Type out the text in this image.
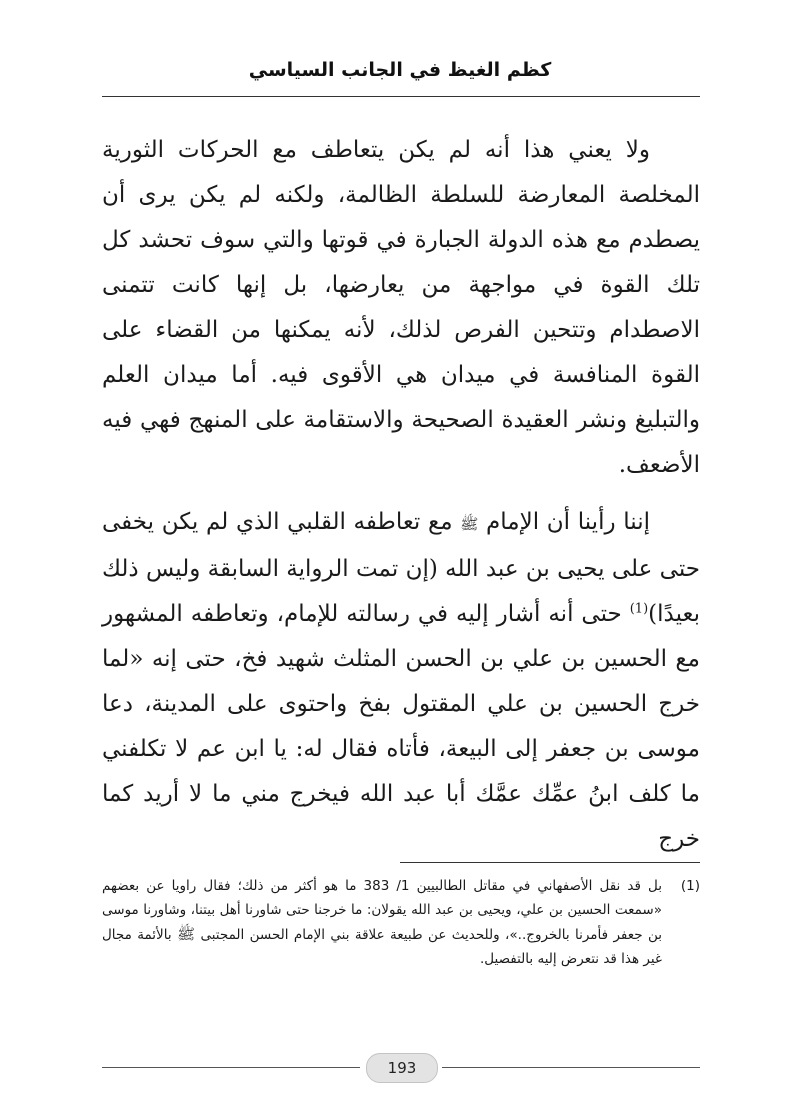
كظم الغيظ في الجانب السياسي

ولا يعني هذا أنه لم يكن يتعاطف مع الحركات الثورية المخلصة المعارضة للسلطة الظالمة، ولكنه لم يكن يرى أن يصطدم مع هذه الدولة الجبارة في قوتها والتي سوف تحشد كل تلك القوة في مواجهة من يعارضها، بل إنها كانت تتمنى الاصطدام وتتحين الفرص لذلك، لأنه يمكنها من القضاء على القوة المنافسة في ميدان هي الأقوى فيه. أما ميدان العلم والتبليغ ونشر العقيدة الصحيحة والاستقامة على المنهج فهي فيه الأضعف.

إننا رأينا أن الإمام ﷺ مع تعاطفه القلبي الذي لم يكن يخفى حتى على يحيى بن عبد الله (إن تمت الرواية السابقة وليس ذلك بعيدًا)$^{(1)}$ حتى أنه أشار إليه في رسالته للإمام، وتعاطفه المشهور مع الحسين بن علي بن الحسن المثلث شهيد فخ، حتى إنه «لما خرج الحسين بن علي المقتول بفخ واحتوى على المدينة، دعا موسى بن جعفر إلى البيعة، فأتاه فقال له: يا ابن عم لا تكلفني ما كلف ابنُ عمِّك عمَّك أبا عبد الله فيخرج مني ما لا أريد كما خرج

(1)
بل قد نقل الأصفهاني في مقاتل الطالبيين 1/ 383 ما هو أكثر من ذلك؛ فقال راويا عن بعضهم «سمعت الحسين بن علي، ويحيى بن عبد الله يقولان: ما خرجنا حتى شاورنا أهل بيتنا، وشاورنا موسى بن جعفر فأمرنا بالخروج..»، وللحديث عن طبيعة علاقة بني الإمام الحسن المجتبى ﷺ بالأئمة مجال غير هذا قد نتعرض إليه بالتفصيل.
193
